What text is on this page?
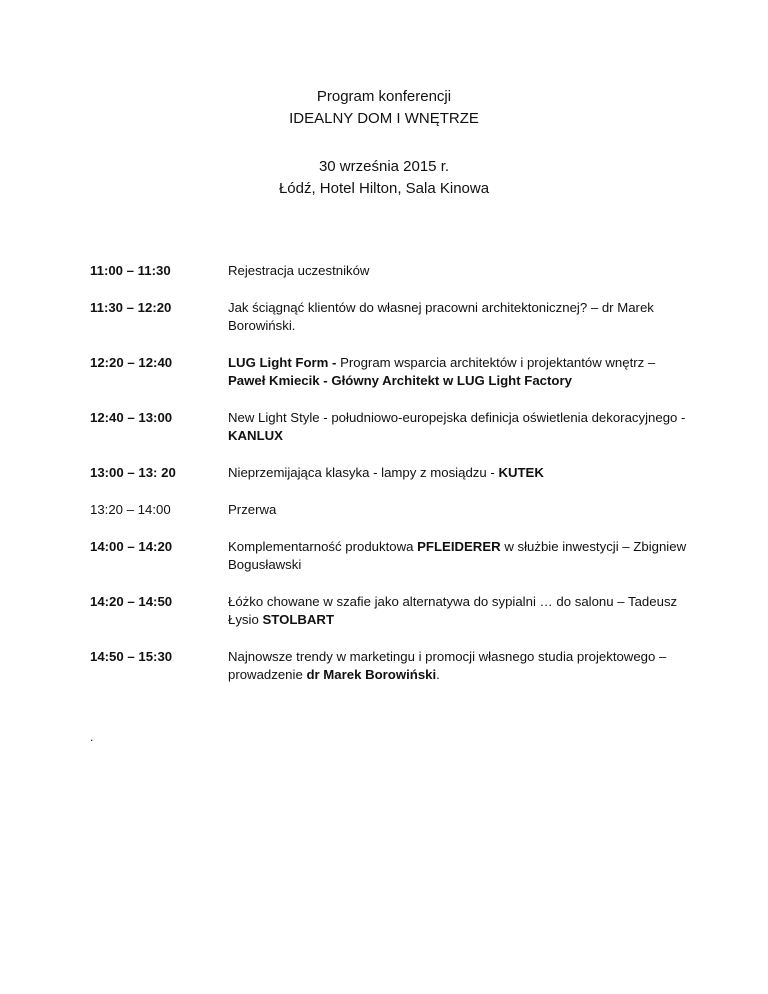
Program konferencji
IDEALNY DOM I WNĘTRZE
30 września 2015 r.
Łódź, Hotel Hilton, Sala Kinowa
11:00 – 11:30	Rejestracja uczestników
11:30 – 12:20	Jak ściągnąć klientów do własnej pracowni architektonicznej? – dr Marek Borowiński.
12:20 – 12:40	LUG Light Form - Program wsparcia architektów i projektantów wnętrz – Paweł Kmiecik - Główny Architekt w LUG Light Factory
12:40 – 13:00	New Light Style - południowo-europejska definicja oświetlenia dekoracyjnego - KANLUX
13:00 – 13: 20	Nieprzemijająca klasyka - lampy z mosiądzu - KUTEK
13:20 – 14:00	Przerwa
14:00 – 14:20	Komplementarność produktowa PFLEIDERER w służbie inwestycji – Zbigniew Bogusławski
14:20 – 14:50	Łóżko chowane w szafie jako alternatywa do sypialni … do salonu – Tadeusz Łysio STOLBART
14:50 – 15:30	Najnowsze trendy w marketingu i promocji własnego studia projektowego – prowadzenie dr Marek Borowiński.
.
